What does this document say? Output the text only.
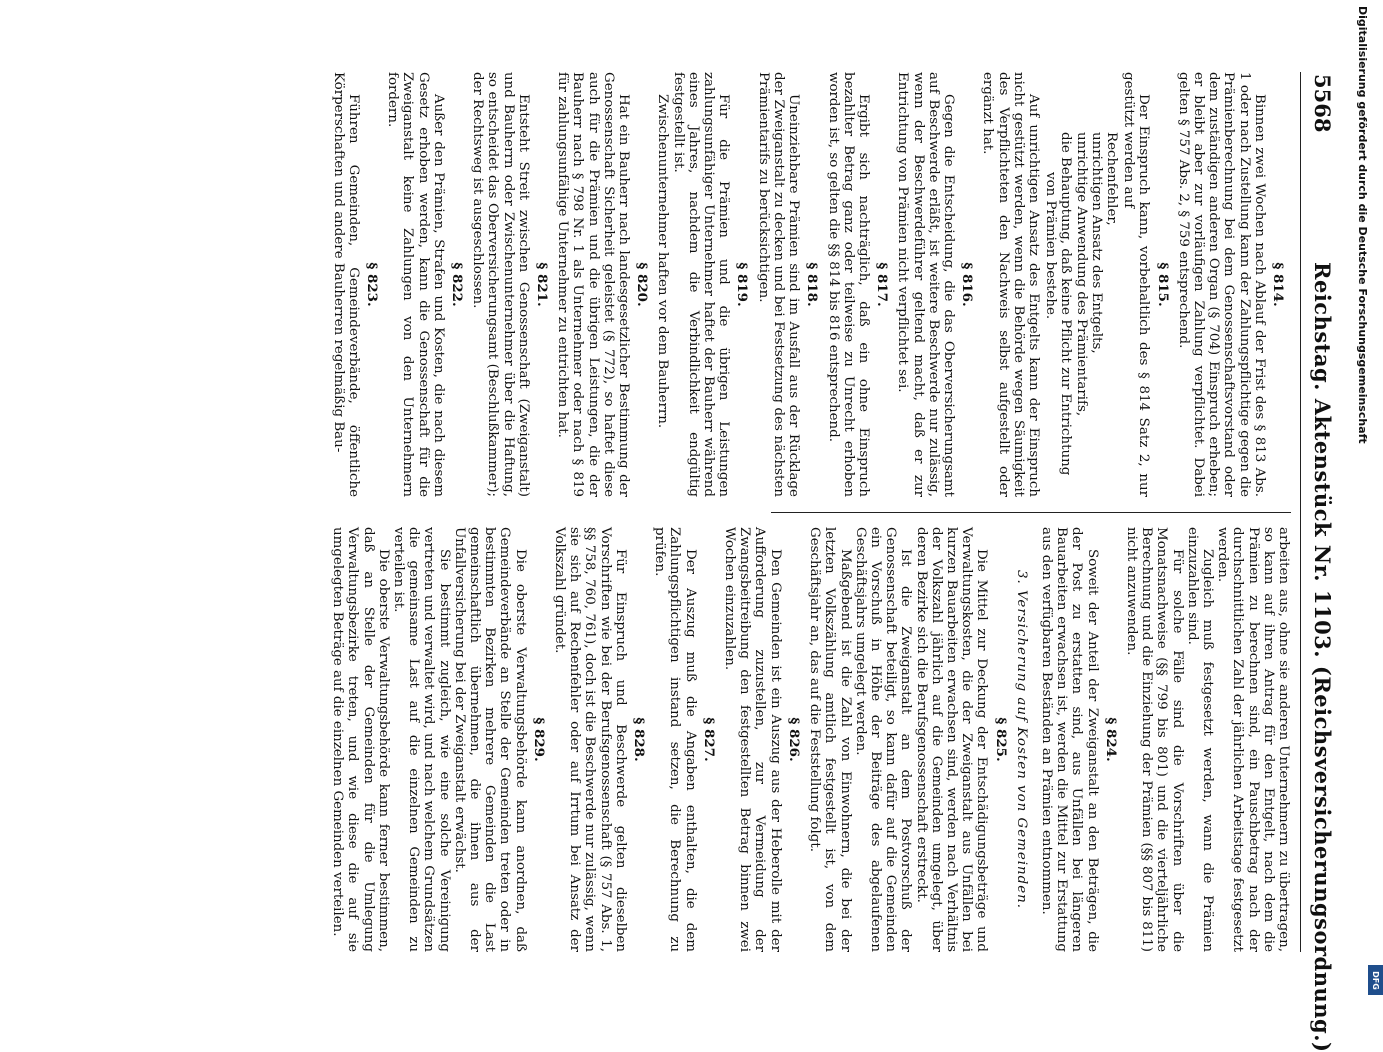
5568
Reichstag. Aktenstück Nr. 1103. (Reichsversicherungsordnung.)
§ 814.
Binnen zwei Wochen nach Ablauf der Frist des § 813 Abs. 1 oder nach Zustellung kann der Zahlungspflichtige gegen die Prämienberechnung bei dem Genossenschaftsvorstand oder dem zuständigen anderen Organ (§ 704) Einspruch erheben; er bleibt aber zur vorläufigen Zahlung verpflichtet. Dabei gelten § 757 Abs. 2, § 759 entsprechend.
§ 815.
Der Einspruch kann, vorbehaltlich des § 814 Satz 2, nur gestützt werden auf
Rechenfehler,
unrichtigen Ansatz des Entgelts,
unrichtige Anwendung des Prämientarifs,
die Behauptung, daß keine Pflicht zur Entrichtung
von Prämien bestehe.
Auf unrichtigen Ansatz des Entgelts kann der Einspruch nicht gestützt werden, wenn die Behörde wegen Säumigkeit des Verpflichteten den Nachweis selbst aufgestellt oder ergänzt hat.
§ 816.
Gegen die Entscheidung, die das Oberversicherungsamt auf Beschwerde erläßt, ist weitere Beschwerde nur zulässig, wenn der Beschwerdeführer geltend macht, daß er zur Entrichtung von Prämien nicht verpflichtet sei.
§ 817.
Ergibt sich nachträglich, daß ein ohne Einspruch bezahlter Betrag ganz oder teilweise zu Unrecht erhoben worden ist, so gelten die §§ 814 bis 816 entsprechend.
§ 818.
Uneinziehbare Prämien sind im Ausfall aus der Rücklage der Zweiganstalt zu decken und bei Festsetzung des nächsten Prämientarifs zu berücksichtigen.
§ 819.
Für die Prämien und die übrigen Leistungen zahlungsunfähiger Unternehmer haftet der Bauherr während eines Jahres, nachdem die Verbindlichkeit endgültig festgestellt ist.
Zwischenunternehmer haften vor dem Bauherrn.
§ 820.
Hat ein Bauherr nach landesgesetzlicher Bestimmung der Genossenschaft Sicherheit geleistet (§ 772), so haftet diese auch für die Prämien und die übrigen Leistungen, die der Bauherr nach § 798 Nr. 1 als Unternehmer oder nach § 819 für zahlungsunfähige Unternehmer zu entrichten hat.
§ 821.
Entsteht Streit zwischen Genossenschaft (Zweiganstalt) und Bauherrn oder Zwischenunternehmer über die Haftung, so entscheidet das Oberversicherungsamt (Beschlußkammer); der Rechtsweg ist ausgeschlossen.
§ 822.
Außer den Prämien, Strafen und Kosten, die nach diesem Gesetz erhoben werden, kann die Genossenschaft für die Zweiganstalt keine Zahlungen von den Unternehmern fordern.
§ 823.
Führen Gemeinden, Gemeindeverbände, öffentliche Körperschaften und andere Bauherren regelmäßig Bau-
arbeiten aus, ohne sie anderen Unternehmern zu übertragen, so kann auf ihren Antrag für den Entgelt, nach dem die Prämien zu berechnen sind, ein Pauschbetrag nach der durchschnittlichen Zahl der jährlichen Arbeitstage festgesetzt werden.
Zugleich muß festgesetzt werden, wann die Prämien einzuzahlen sind.
Für solche Fälle sind die Vorschriften über die Monatsnachweise (§§ 799 bis 801) und die vierteljährliche Berechnung und die Einziehung der Prämien (§§ 807 bis 811) nicht anzuwenden.
§ 824.
Soweit der Anteil der Zweiganstalt an den Beträgen, die der Post zu erstatten sind, aus Unfällen bei längeren Bauarbeiten erwachsen ist, werden die Mittel zur Erstattung aus den verfügbaren Beständen an Prämien entnommen.
3. Versicherung auf Kosten von Gemeinden.
§ 825.
Die Mittel zur Deckung der Entschädigungsbeträge und Verwaltungskosten, die der Zweiganstalt aus Unfällen bei kurzen Bauarbeiten erwachsen sind, werden nach Verhältnis der Volkszahl jährlich auf die Gemeinden umgelegt, über deren Bezirke sich die Berufsgenossenschaft erstreckt.
Ist die Zweiganstalt an dem Postvorschuß der Genossenschaft beteiligt, so kann dafür auf die Gemeinden ein Vorschuß in Höhe der Beiträge des abgelaufenen Geschäftsjahrs umgelegt werden.
Maßgebend ist die Zahl von Einwohnern, die bei der letzten Volkszählung amtlich festgestellt ist, von dem Geschäftsjahr an, das auf die Feststellung folgt.
§ 826.
Den Gemeinden ist ein Auszug aus der Heberolle mit der Aufforderung zuzustellen, zur Vermeidung der Zwangsbeitreibung den festgestellten Betrag binnen zwei Wochen einzuzahlen.
§ 827.
Der Auszug muß die Angaben enthalten, die dem Zahlungspflichtigen instand setzen, die Berechnung zu prüfen.
§ 828.
Für Einspruch und Beschwerde gelten dieselben Vorschriften wie bei der Berufsgenossenschaft (§ 757 Abs. 1, §§ 758, 760, 761), doch ist die Beschwerde nur zulässig, wenn sie sich auf Rechenfehler oder auf Irrtum bei Ansatz der Volkszahl gründet.
§ 829.
Die oberste Verwaltungsbehörde kann anordnen, daß Gemeindeverbände an Stelle der Gemeinden treten oder in bestimmten Bezirken mehrere Gemeinden die Last gemeinschaftlich übernehmen, die ihnen aus der Unfallversicherung bei der Zweiganstalt erwächst.
Sie bestimmt zugleich, wie eine solche Vereinigung vertreten und verwaltet wird, und nach welchem Grundsätzen die gemeinsame Last auf die einzelnen Gemeinden zu verteilen ist.
Die oberste Verwaltungsbehörde kann ferner bestimmen, daß an Stelle der Gemeinden für die Umlegung Verwaltungsbezirke treten, und wie diese die auf sie umgelegten Beträge auf die einzelnen Gemeinden verteilen.
Digitalisierung gefördert durch die Deutsche Forschungsgemeinschaft
DFG
